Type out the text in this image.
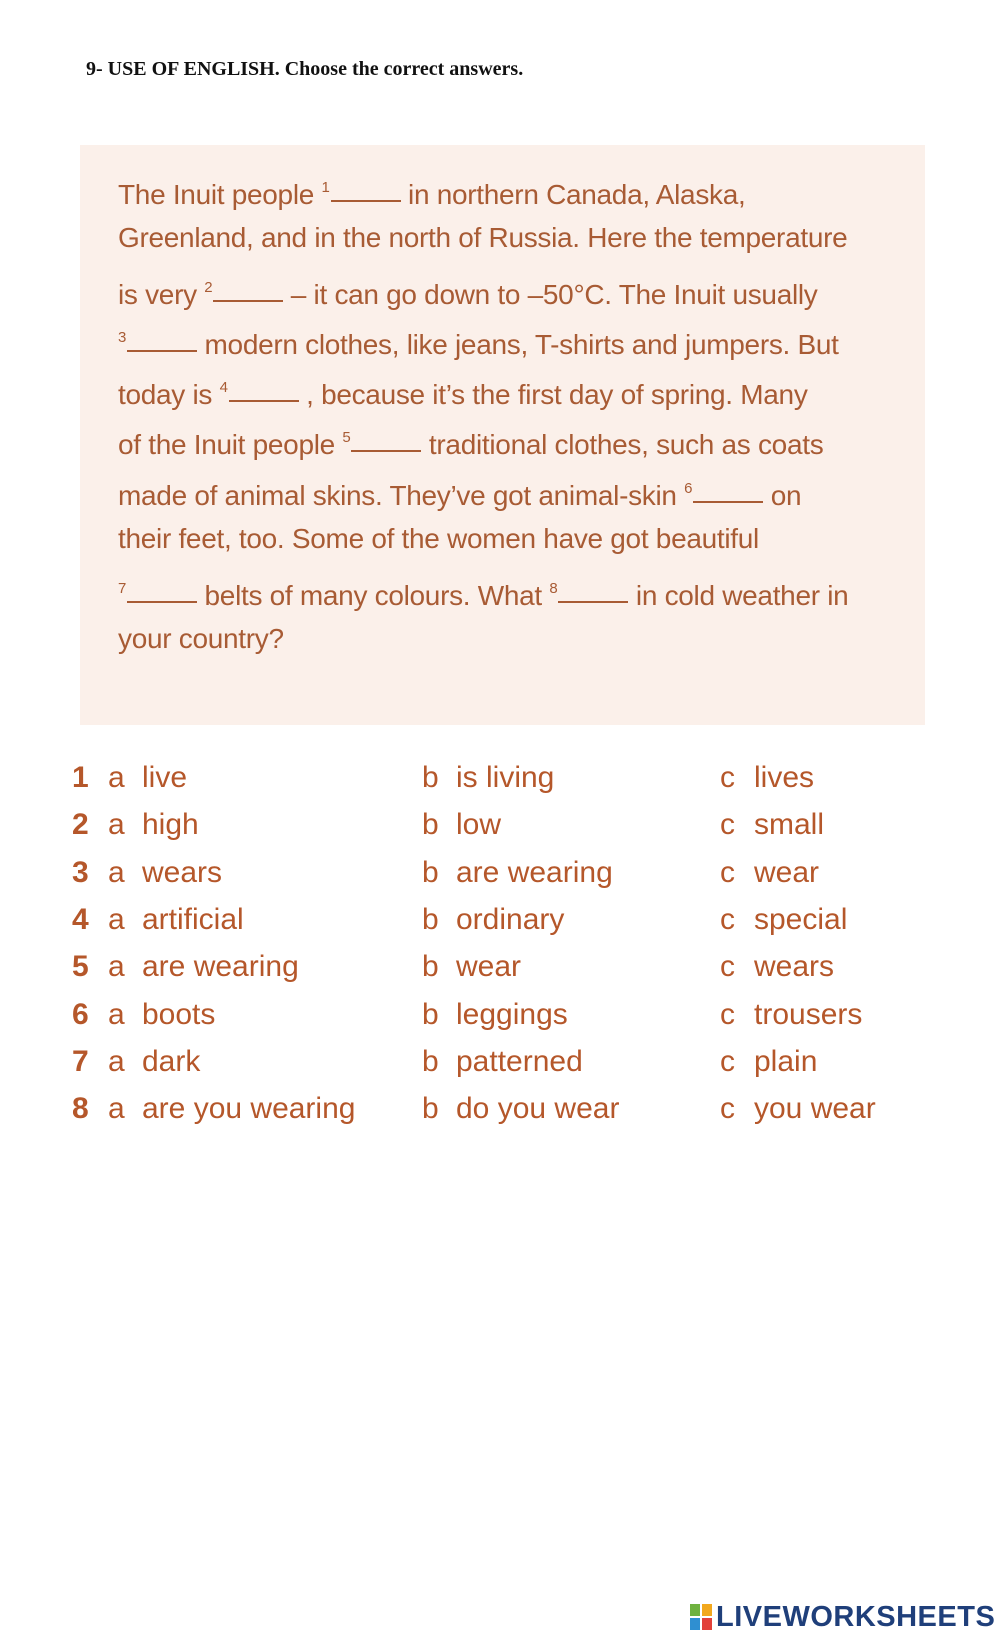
9- USE OF ENGLISH. Choose the correct answers.
The Inuit people $^1$	in northern Canada, Alaska,
Greenland, and in the north of Russia. Here the temperature
is very $^2$	– it can go down to –50°C. The Inuit usually
$^3$	modern clothes, like jeans, T-shirts and jumpers. But
today is $^4$	, because it’s the first day of spring. Many
of the Inuit people $^5$	traditional clothes, such as coats
made of animal skins. They’ve got animal-skin $^6$	on
their feet, too. Some of the women have got beautiful
$^7$	belts of many colours. What $^8$	in cold weather in
your country?
1 a live	b is living	c lives
2 a high	b low	c small
3 a wears	b are wearing	c wear
4 a artificial	b ordinary	c special
5 a are wearing	b wear	c wears
6 a boots	b leggings	c trousers
7 a dark	b patterned	c plain
8 a are you wearing b do you wear	c you wear
LIVEWORKSHEETS
